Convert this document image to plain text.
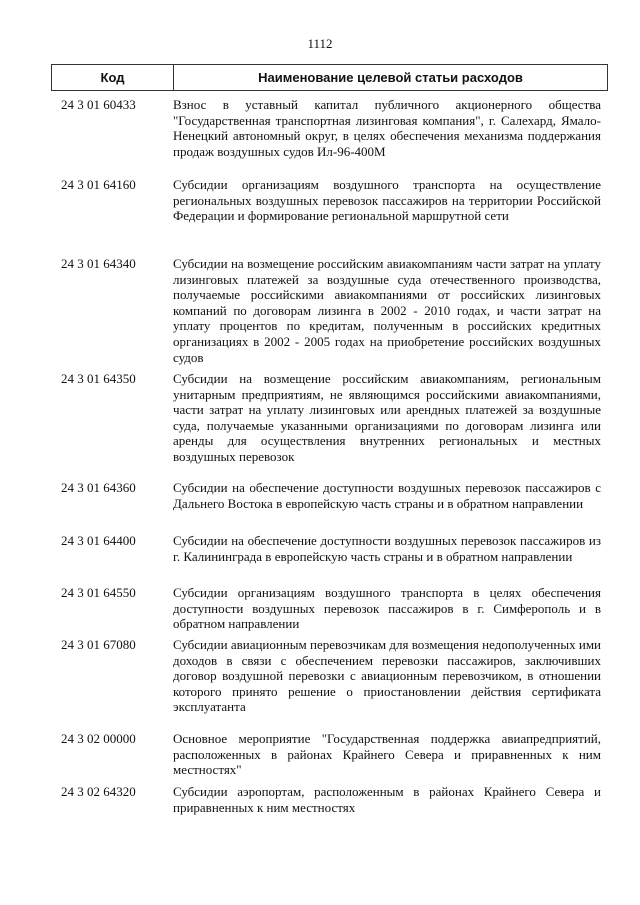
1112
Код	Наименование целевой статьи расходов
24 3 01 60433	Взнос в уставный капитал публичного акционерного общества "Государственная транспортная лизинговая компания", г. Салехард, Ямало-Ненецкий автономный округ, в целях обеспечения механизма поддержания продаж воздушных судов Ил-96-400М
24 3 01 64160	Субсидии организациям воздушного транспорта на осуществление региональных воздушных перевозок пассажиров на территории Российской Федерации и формирование региональной маршрутной сети
24 3 01 64340	Субсидии на возмещение российским авиакомпаниям части затрат на уплату лизинговых платежей за воздушные суда отечественного производства, получаемые российскими авиакомпаниями от российских лизинговых компаний по договорам лизинга в 2002 - 2010 годах, и части затрат на уплату процентов по кредитам, полученным в российских кредитных организациях в 2002 - 2005 годах на приобретение российских воздушных судов
24 3 01 64350	Субсидии на возмещение российским авиакомпаниям, региональным унитарным предприятиям, не являющимся российскими авиакомпаниями, части затрат на уплату лизинговых или арендных платежей за воздушные суда, получаемые указанными организациями по договорам лизинга или аренды для осуществления внутренних региональных и местных воздушных перевозок
24 3 01 64360	Субсидии на обеспечение доступности воздушных перевозок пассажиров с Дальнего Востока в европейскую часть страны и в обратном направлении
24 3 01 64400	Субсидии на обеспечение доступности воздушных перевозок пассажиров из г. Калининграда в европейскую часть страны и в обратном направлении
24 3 01 64550	Субсидии организациям воздушного транспорта в целях обеспечения доступности воздушных перевозок пассажиров в г. Симферополь и в обратном направлении
24 3 01 67080	Субсидии авиационным перевозчикам для возмещения недополученных ими доходов в связи с обеспечением перевозки пассажиров, заключивших договор воздушной перевозки с авиационным перевозчиком, в отношении которого принято решение о приостановлении действия сертификата эксплуатанта
24 3 02 00000	Основное мероприятие "Государственная поддержка авиапредприятий, расположенных в районах Крайнего Севера и приравненных к ним местностях"
24 3 02 64320	Субсидии аэропортам, расположенным в районах Крайнего Севера и приравненных к ним местностях
